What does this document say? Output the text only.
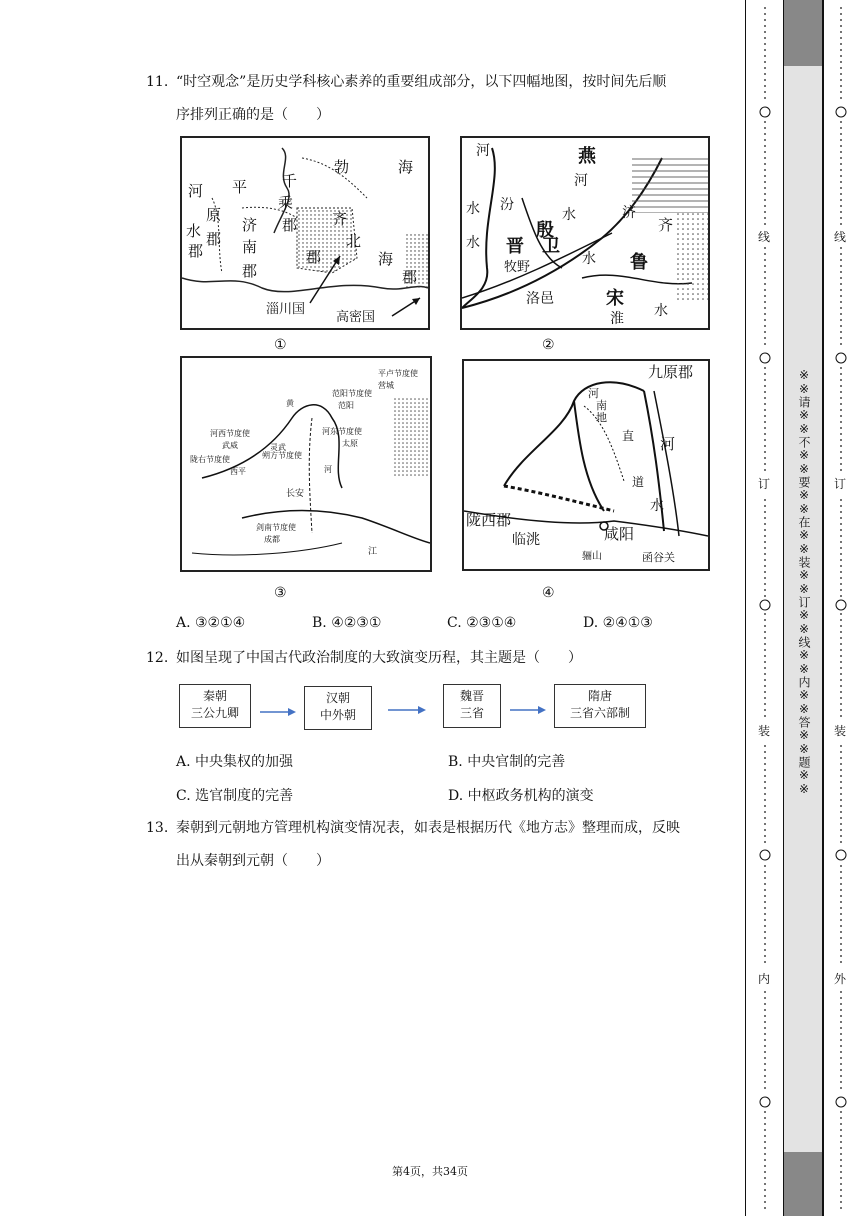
11. “时空观念”是历史学科核心素养的重要组成部分，以下四幅地图，按时间先后顺
序排列正确的是（　　）
河
水
郡
平
原
郡
千
乘
郡
济
南
郡
勃	海
齐
北
郡	海
郡
淄川国
高密国
①
河	燕
河
水 汾
水
殷
晋 卫
水	济
齐
牧野
水 鲁
洛邑	宋
淮 水
②
平卢节度使
营城
范阳节度使
范阳
黄
河东节度使
太原
河西节度使
武威
陇右节度使
西平
灵武
朔方节度使
长安
河
剑南节度使
成都
江
③
九原郡
河
南
地
直 河
道
水
陇西郡
临洮	咸阳
骊山	函谷关
④
A. ③②①④	B. ④②③①	C. ②③①④	D. ②④①③
12. 如图呈现了中国古代政治制度的大致演变历程，其主题是（　　）
秦朝
三公九卿
汉朝
中外朝
魏晋
三省
隋唐
三省六部制
A. 中央集权的加强	B. 中央官制的完善
C. 选官制度的完善	D. 中枢政务机构的演变
13. 秦朝到元朝地方管理机构演变情况表，如表是根据历代《地方志》整理而成，反映
出从秦朝到元朝（　　）
第4页，共34页
※※请※※不※※要※※在※※装※※订※※线※※内※※答※※题※※
线
订
装
内
线
订
装
外
